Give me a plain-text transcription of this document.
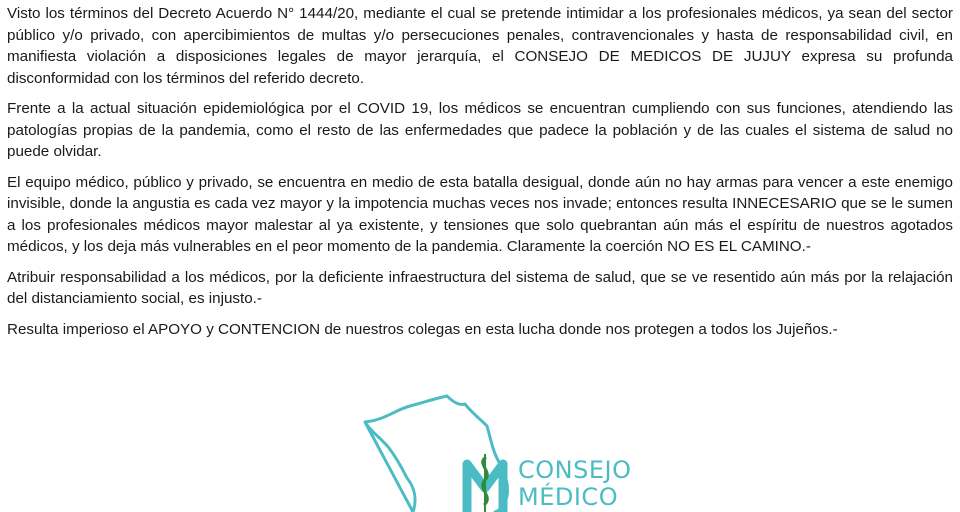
Visto los términos del Decreto Acuerdo N° 1444/20, mediante el cual se pretende intimidar a los profesionales médicos, ya sean del sector público y/o privado, con apercibimientos de multas y/o persecuciones penales, contravencionales y hasta de responsabilidad civil, en manifiesta violación a disposiciones legales de mayor jerarquía, el CONSEJO DE MEDICOS DE JUJUY expresa su profunda disconformidad con los términos del referido decreto.

Frente a la actual situación epidemiológica por el COVID 19, los médicos se encuentran cumpliendo con sus funciones, atendiendo las patologías propias de la pandemia, como el resto de las enfermedades que padece la población y de las cuales el sistema de salud no puede olvidar.

El equipo médico, público y privado, se encuentra en medio de esta batalla desigual, donde aún no hay armas para vencer a este enemigo invisible, donde la angustia es cada vez mayor y la impotencia muchas veces nos invade; entonces resulta INNECESARIO que se le sumen a los profesionales médicos mayor malestar al ya existente, y tensiones que solo quebrantan aún más el espíritu de nuestros agotados médicos, y los deja más vulnerables en el peor momento de la pandemia. Claramente la coerción NO ES EL CAMINO.-

Atribuir responsabilidad a los médicos, por la deficiente infraestructura del sistema de salud, que se ve resentido aún más por la relajación del distanciamiento social, es injusto.-

Resulta imperioso el APOYO y CONTENCION de nuestros colegas en esta lucha donde nos protegen a todos los Jujeños.-

CONSEJO
MÉDICO
